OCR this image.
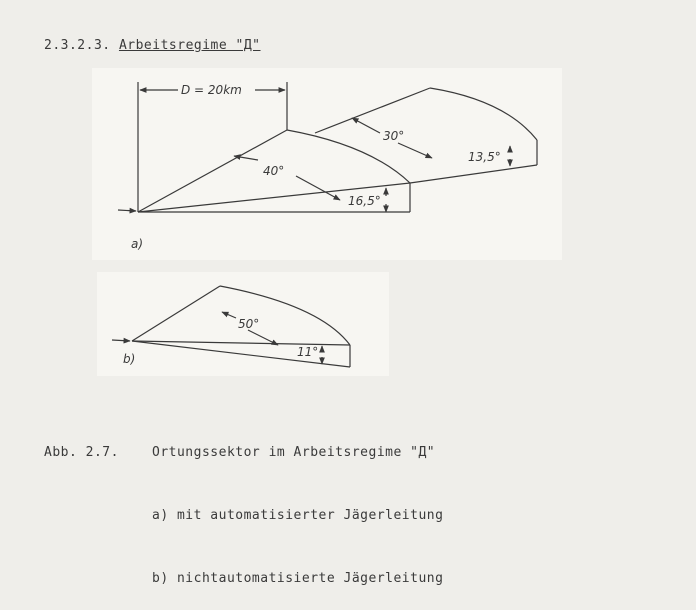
2.3.2.3. Arbeitsregime "Д"
D = 20km
30°
13,5°
40°
16,5°
a)
50°
11°
b)

Abb. 2.7.	Ortungssektor im Arbeitsregime "Д"

a) mit automatisierter Jägerleitung

b) nichtautomatisierte Jägerleitung
